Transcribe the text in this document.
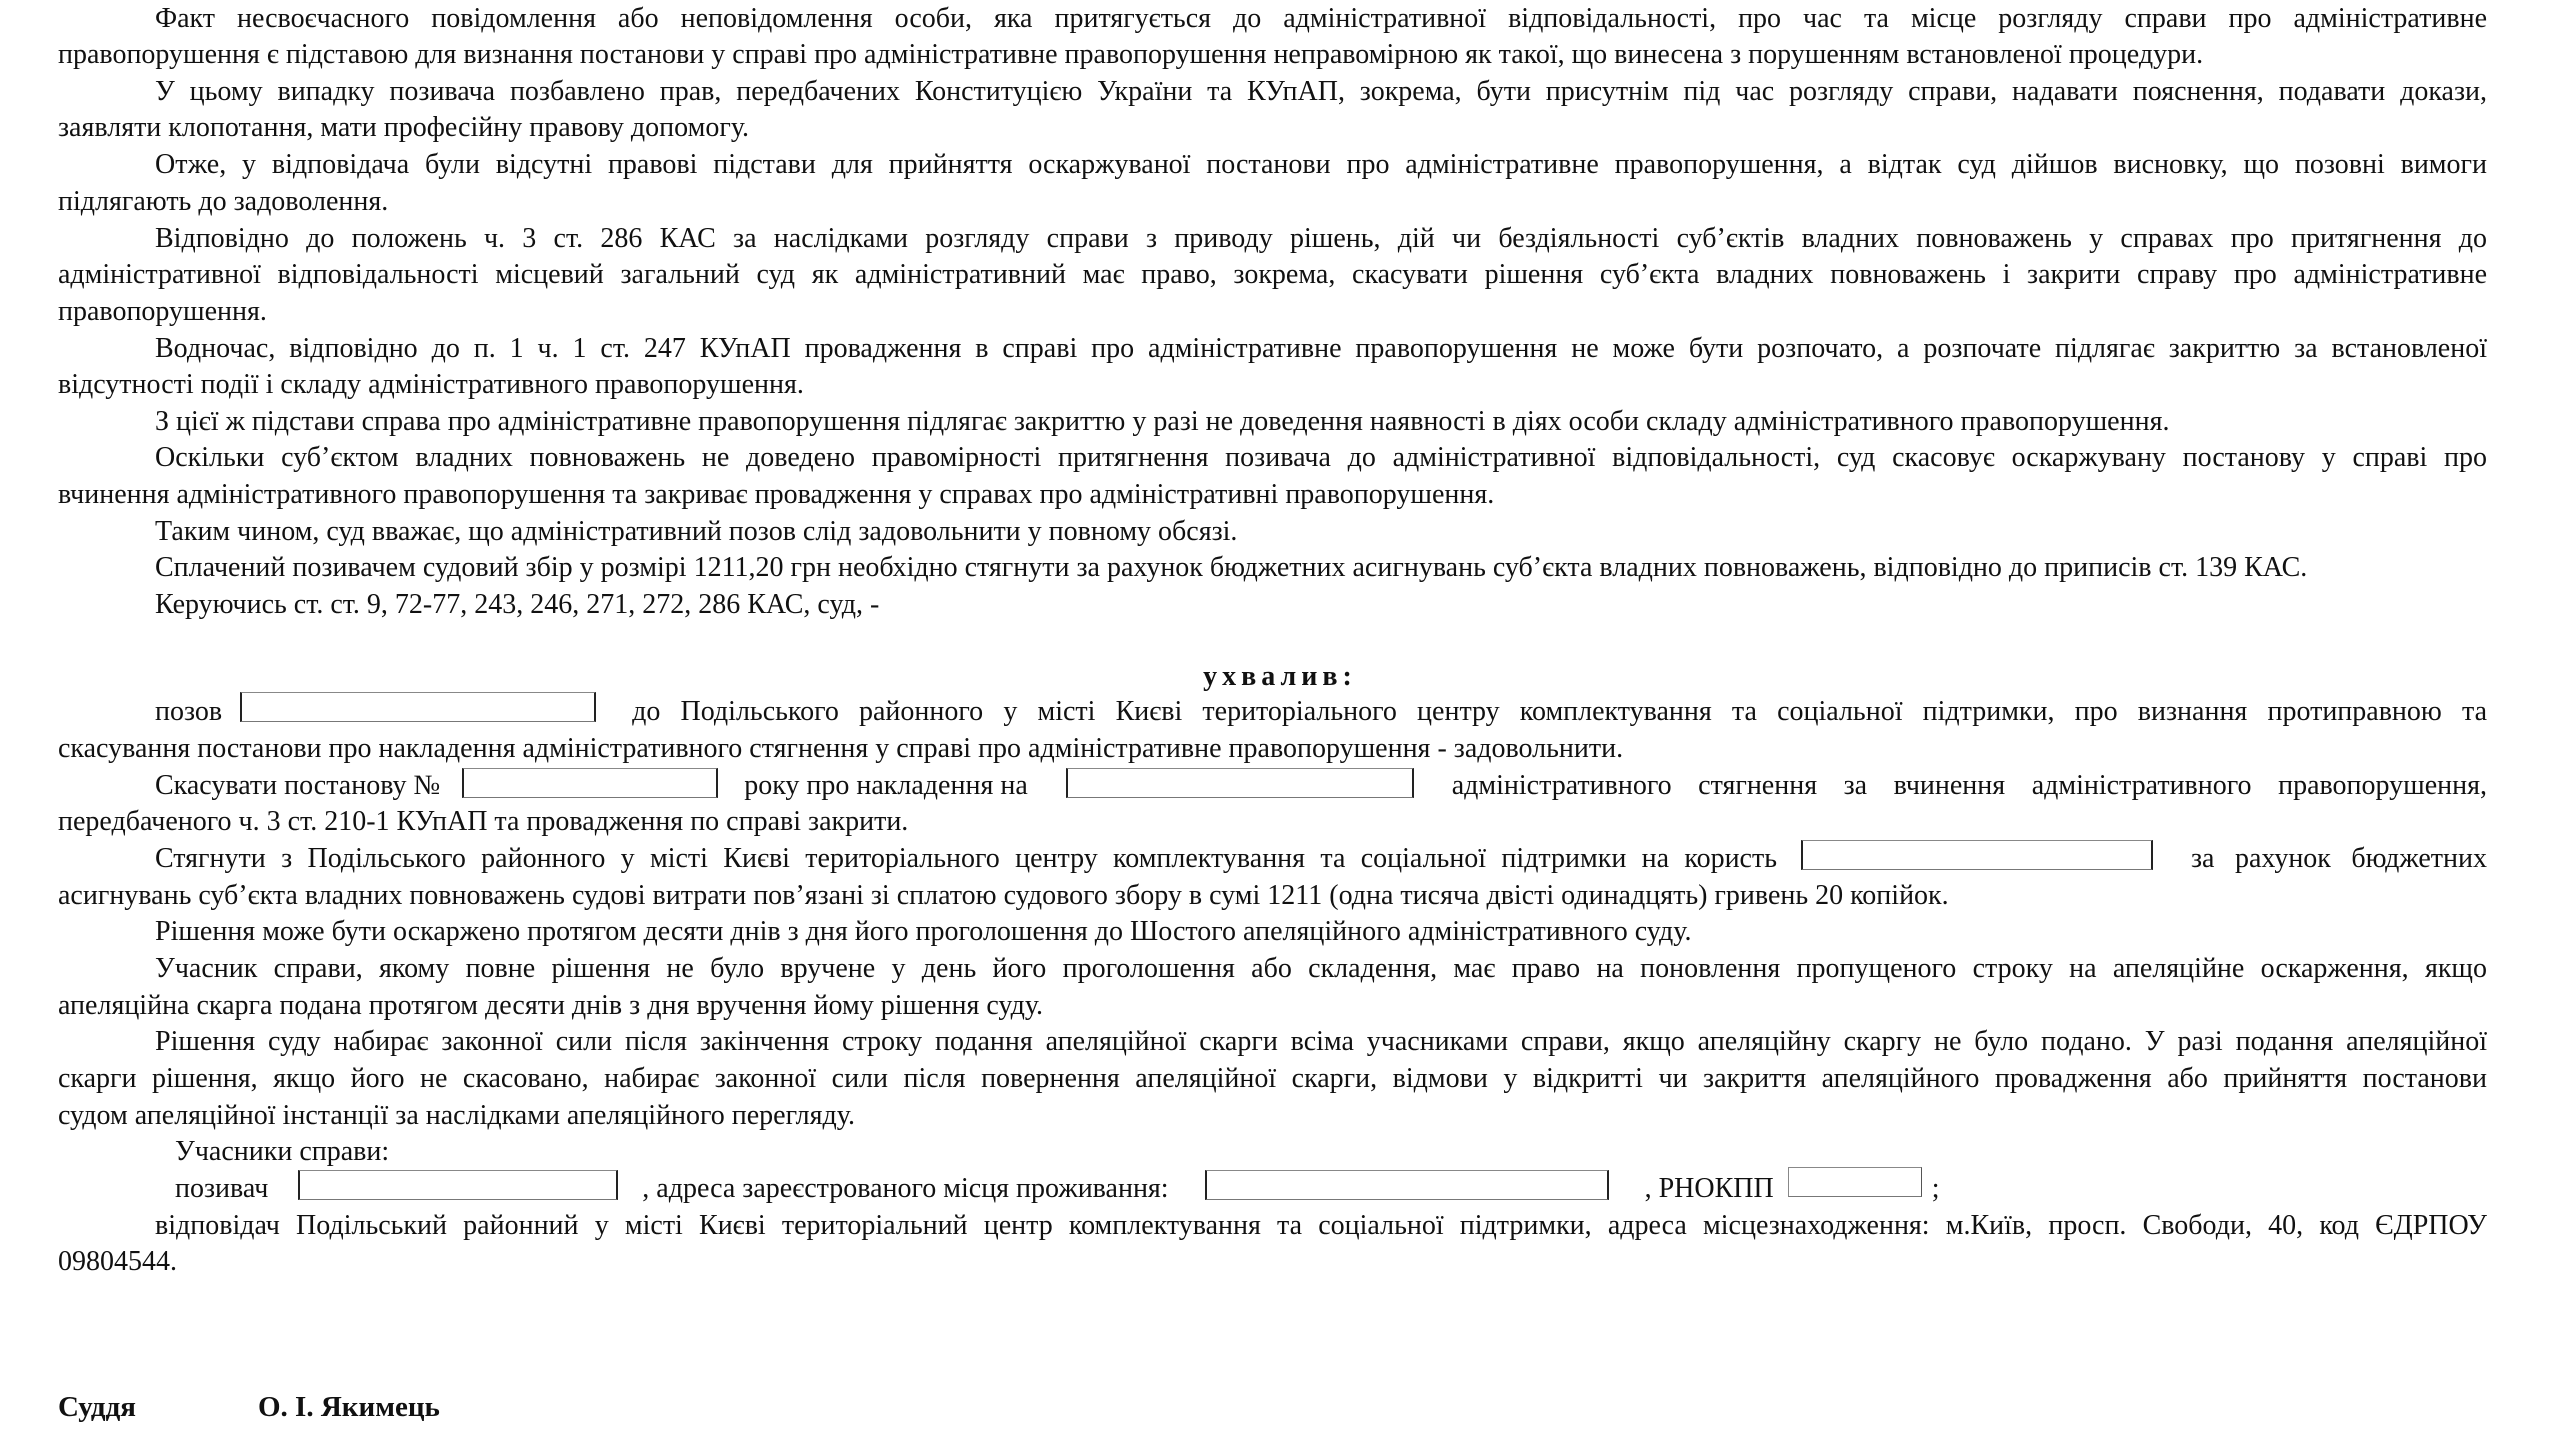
Факт несвоєчасного повідомлення або неповідомлення особи, яка притягується до адміністративної відповідальності, про час та місце розгляду справи про адміністративне
правопорушення є підставою для визнання постанови у справі про адміністративне правопорушення неправомірною як такої, що винесена з порушенням встановленої процедури.
У цьому випадку позивача позбавлено прав, передбачених Конституцією України та КУпАП, зокрема, бути присутнім під час розгляду справи, надавати пояснення, подавати докази,
заявляти клопотання, мати професійну правову допомогу.
Отже, у відповідача були відсутні правові підстави для прийняття оскаржуваної постанови про адміністративне правопорушення, а відтак суд дійшов висновку, що позовні вимоги
підлягають до задоволення.
Відповідно до положень ч. 3 ст. 286 КАС за наслідками розгляду справи з приводу рішень, дій чи бездіяльності суб’єктів владних повноважень у справах про притягнення до
адміністративної відповідальності місцевий загальний суд як адміністративний має право, зокрема, скасувати рішення суб’єкта владних повноважень і закрити справу про адміністративне
правопорушення.
Водночас, відповідно до п. 1 ч. 1 ст. 247 КУпАП провадження в справі про адміністративне правопорушення не може бути розпочато, а розпочате підлягає закриттю за встановленої
відсутності події і складу адміністративного правопорушення.
З цієї ж підстави справа про адміністративне правопорушення підлягає закриттю у разі не доведення наявності в діях особи складу адміністративного правопорушення.
Оскільки суб’єктом владних повноважень не доведено правомірності притягнення позивача до адміністративної відповідальності, суд скасовує оскаржувану постанову у справі про
вчинення адміністративного правопорушення та закриває провадження у справах про адміністративні правопорушення.
Таким чином, суд вважає, що адміністративний позов слід задовольнити у повному обсязі.
Сплачений позивачем судовий збір у розмірі 1211,20 грн необхідно стягнути за рахунок бюджетних асигнувань суб’єкта владних повноважень, відповідно до приписів ст. 139 КАС.
Керуючись ст. ст. 9, 72-77, 243, 246, 271, 272, 286 КАС, суд, -
ухвалив:
позов	до Подільського районного у місті Києві територіального центру комплектування та соціальної підтримки, про визнання протиправною та
скасування постанови про накладення адміністративного стягнення у справі про адміністративне правопорушення - задовольнити.
Скасувати постанову №	року про накладення на	адміністративного стягнення за вчинення адміністративного правопорушення,
передбаченого ч. 3 ст. 210-1 КУпАП та провадження по справі закрити.
Стягнути з Подільського районного у місті Києві територіального центру комплектування та соціальної підтримки на користь	за рахунок бюджетних
асигнувань суб’єкта владних повноважень судові витрати пов’язані зі сплатою судового збору в сумі 1211 (одна тисяча двісті одинадцять) гривень 20 копійок.
Рішення може бути оскаржено протягом десяти днів з дня його проголошення до Шостого апеляційного адміністративного суду.
Учасник справи, якому повне рішення не було вручене у день його проголошення або складення, має право на поновлення пропущеного строку на апеляційне оскарження, якщо
апеляційна скарга подана протягом десяти днів з дня вручення йому рішення суду.
Рішення суду набирає законної сили після закінчення строку подання апеляційної скарги всіма учасниками справи, якщо апеляційну скаргу не було подано. У разі подання апеляційної
скарги рішення, якщо його не скасовано, набирає законної сили після повернення апеляційної скарги, відмови у відкритті чи закриття апеляційного провадження або прийняття постанови
судом апеляційної інстанції за наслідками апеляційного перегляду.
Учасники справи:
позивач	, адреса зареєстрованого місця проживання:	, РНОКПП	;
відповідач Подільський районний у місті Києві територіальний центр комплектування та соціальної підтримки, адреса місцезнаходження: м.Київ, просп. Свободи, 40, код ЄДРПОУ
09804544.
Суддя	О. І. Якимець
